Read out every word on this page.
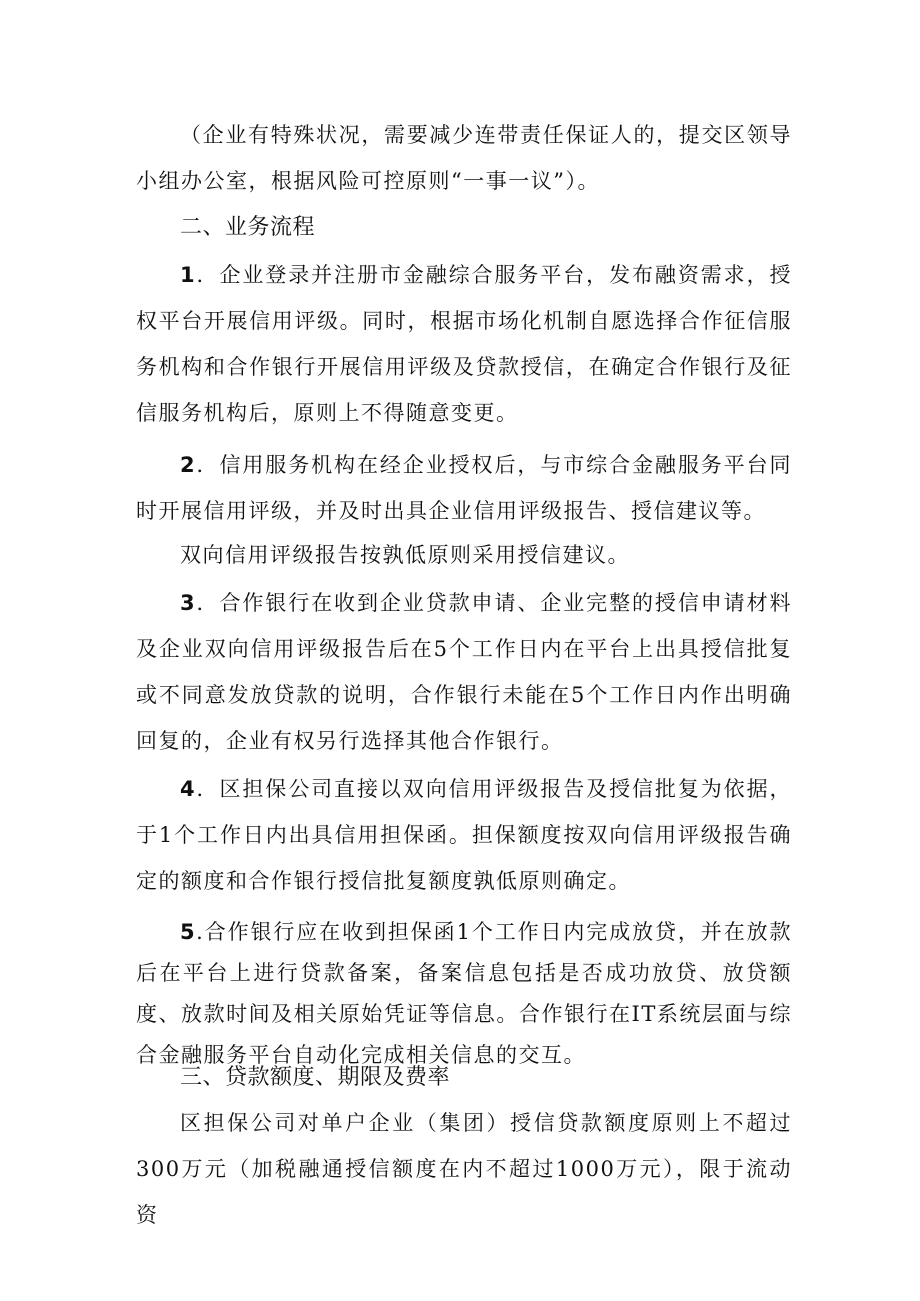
（企业有特殊状况，需要减少连带责任保证人的，提交区领导小组办公室，根据风险可控原则“一事一议”）。

二、业务流程

1．企业登录并注册市金融综合服务平台，发布融资需求，授权平台开展信用评级。同时，根据市场化机制自愿选择合作征信服务机构和合作银行开展信用评级及贷款授信，在确定合作银行及征信服务机构后，原则上不得随意变更。

2．信用服务机构在经企业授权后，与市综合金融服务平台同时开展信用评级，并及时出具企业信用评级报告、授信建议等。

双向信用评级报告按孰低原则采用授信建议。

3．合作银行在收到企业贷款申请、企业完整的授信申请材料及企业双向信用评级报告后在5个工作日内在平台上出具授信批复或不同意发放贷款的说明，合作银行未能在5个工作日内作出明确回复的，企业有权另行选择其他合作银行。

4．区担保公司直接以双向信用评级报告及授信批复为依据，于1个工作日内出具信用担保函。担保额度按双向信用评级报告确定的额度和合作银行授信批复额度孰低原则确定。

5.合作银行应在收到担保函1个工作日内完成放贷，并在放款后在平台上进行贷款备案，备案信息包括是否成功放贷、放贷额度、放款时间及相关原始凭证等信息。合作银行在IT系统层面与综合金融服务平台自动化完成相关信息的交互。

三、贷款额度、期限及费率

区担保公司对单户企业（集团）授信贷款额度原则上不超过300万元（加税融通授信额度在内不超过1000万元），限于流动资
